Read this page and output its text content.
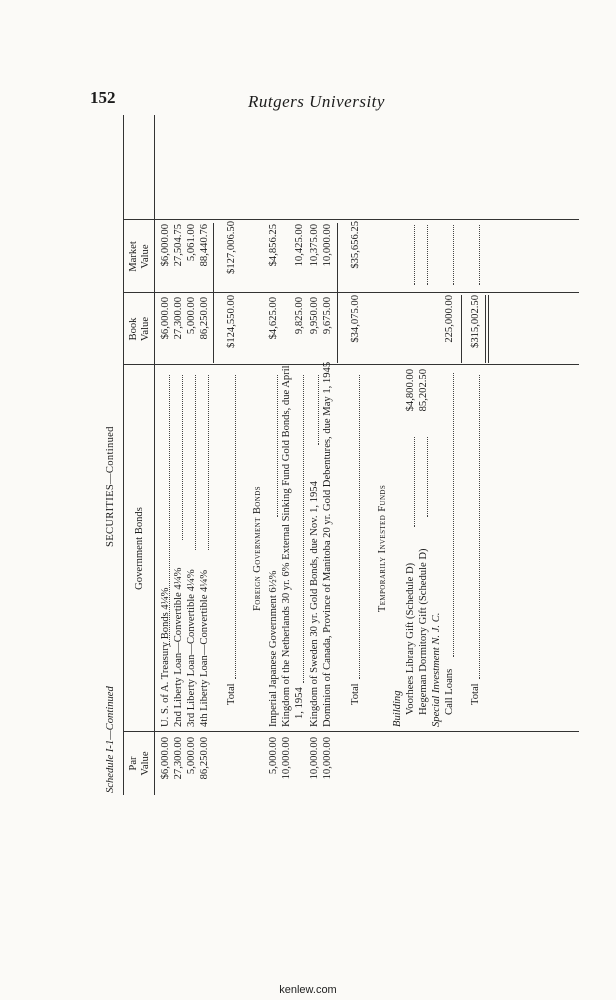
152	Rutgers University
Schedule I-1—Continued
SECURITIES—Continued
Par Value
Government Bonds
Book Value
Market Value
$6,000.00
U. S. of A. Treasury Bonds 4¼%
$6,000.00
$6,000.00
27,300.00
2nd Liberty Loan—Convertible 4¼%
27,300.00
27,504.75
5,000.00
3rd Liberty Loan—Convertible 4¼%
5,000.00
5,061.00
86,250.00
4th Liberty Loan—Convertible 4¼%
86,250.00
88,440.76
Total
$124,550.00
$127,006.50
Foreign Government Bonds
5,000.00
Imperial Japanese Government 6½%
$4,625.00
$4,856.25
10,000.00
Kingdom of the Netherlands 30 yr. 6% External Sinking Fund Gold Bonds, due April 1, 1954
9,825.00
10,425.00
10,000.00
Kingdom of Sweden 30 yr. Gold Bonds, due Nov. 1, 1954
9,950.00
10,375.00
10,000.00
Dominion of Canada, Province of Manitoba 20 yr. Gold Debentures, due May 1, 1945
9,675.00
10,000.00
Total
$34,075.00
$35,656.25
Temporarily Invested Funds
Building Voorhees Library Gift (Schedule D)
$4,800.00
Hegeman Dormitory Gift (Schedule D)
85,202.50
Special Investment N. J. C. Call Loans
225,000.00
Total
$315,002.50
kenlew.com
